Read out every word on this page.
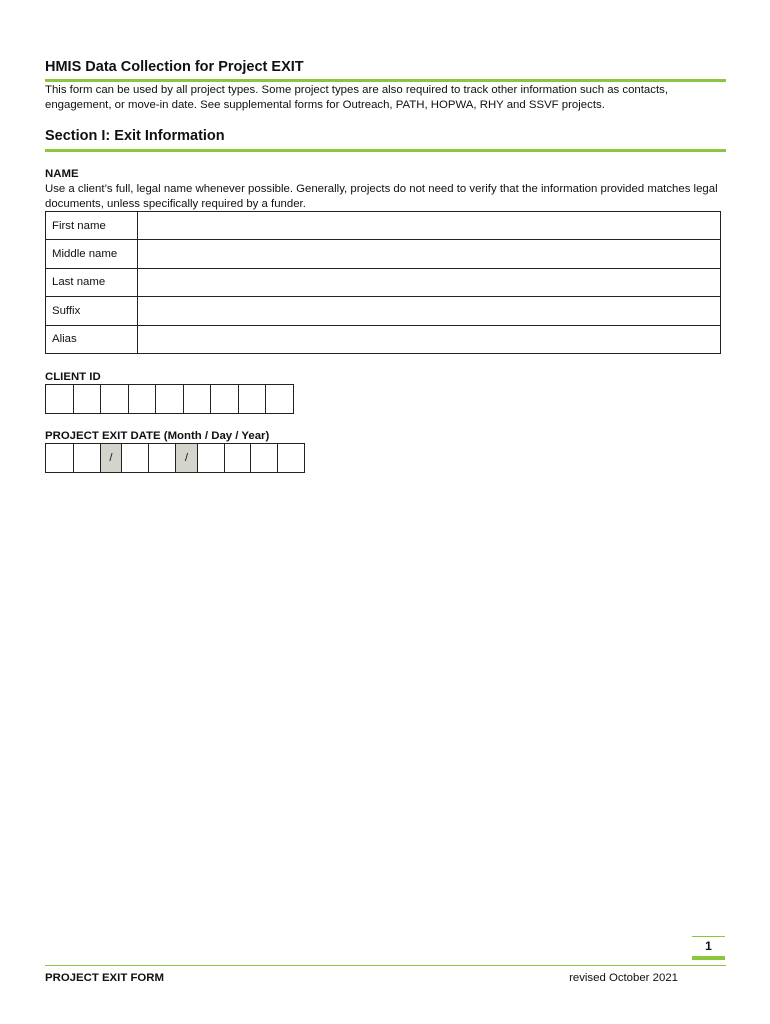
HMIS Data Collection for Project EXIT
This form can be used by all project types. Some project types are also required to track other information such as contacts, engagement, or move-in date. See supplemental forms for Outreach, PATH, HOPWA, RHY and SSVF projects.
Section I: Exit Information
NAME
Use a client’s full, legal name whenever possible. Generally, projects do not need to verify that the information provided matches legal documents, unless specifically required by a funder.
First name	
Middle name	
Last name	
Suffix	
Alias	
CLIENT ID
PROJECT EXIT DATE (Month / Day / Year)
/	/
1
PROJECT EXIT FORM	revised October 2021
